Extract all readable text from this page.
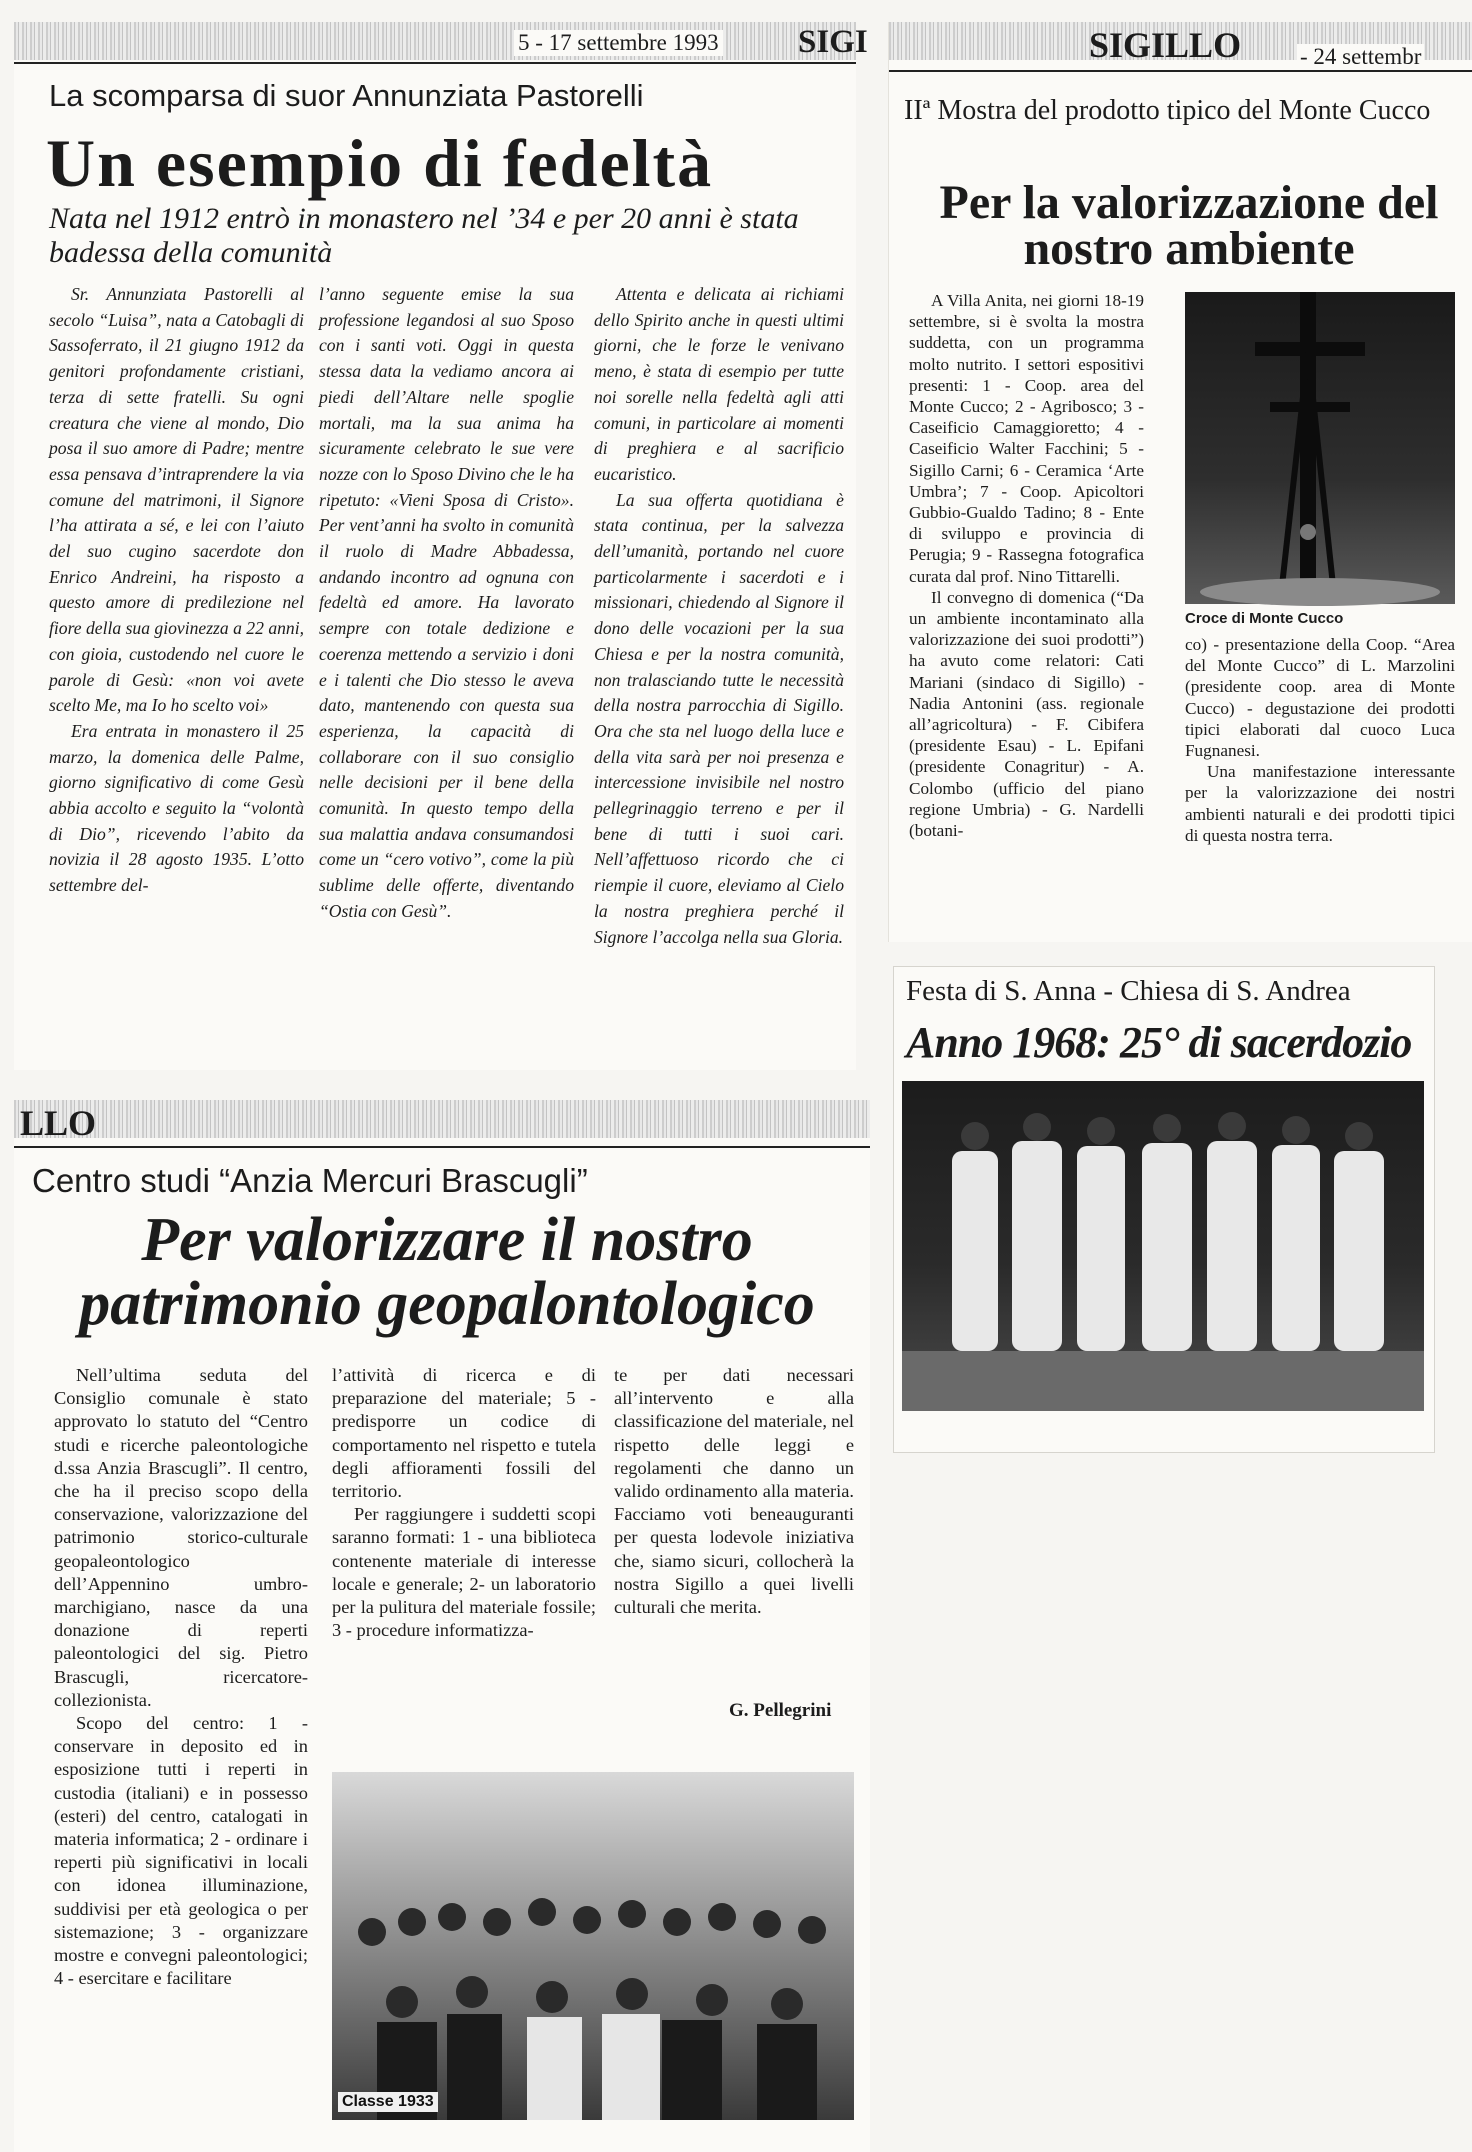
5 - 17 settembre 1993 SIGI
La scomparsa di suor Annunziata Pastorelli
Un esempio di fedeltà
Nata nel 1912 entrò in monastero nel ’34 e per 20 anni è stata badessa della comunità

Sr. Annunziata Pastorelli al secolo “Luisa”, nata a Catobagli di Sassoferrato, il 21 giugno 1912 da genitori profondamente cristiani, terza di sette fratelli. Su ogni creatura che viene al mondo, Dio posa il suo amore di Padre; mentre essa pensava d’intraprendere la via comune del matrimoni, il Signore l’ha attirata a sé, e lei con l’aiuto del suo cugino sacerdote don Enrico Andreini, ha risposto a questo amore di predilezione nel fiore della sua giovinezza a 22 anni, con gioia, custodendo nel cuore le parole di Gesù: «non voi avete scelto Me, ma Io ho scelto voi»

Era entrata in monastero il 25 marzo, la domenica delle Palme, giorno significativo di come Gesù abbia accolto e seguito la “volontà di Dio”, ricevendo l’abito da novizia il 28 agosto 1935. L’otto settembre del-

l’anno seguente emise la sua professione legandosi al suo Sposo con i santi voti. Oggi in questa stessa data la vediamo ancora ai piedi dell’Altare nelle spoglie mortali, ma la sua anima ha sicuramente celebrato le sue vere nozze con lo Sposo Divino che le ha ripetuto: «Vieni Sposa di Cristo». Per vent’anni ha svolto in comunità il ruolo di Madre Abbadessa, andando incontro ad ognuna con fedeltà ed amore. Ha lavorato sempre con totale dedizione e coerenza mettendo a servizio i doni e i talenti che Dio stesso le aveva dato, mantenendo con questa sua esperienza, la capacità di collaborare con il suo consiglio nelle decisioni per il bene della comunità. In questo tempo della sua malattia andava consumandosi come un “cero votivo”, come la più sublime delle offerte, diventando “Ostia con Gesù”.

Attenta e delicata ai richiami dello Spirito anche in questi ultimi giorni, che le forze le venivano meno, è stata di esempio per tutte noi sorelle nella fedeltà agli atti comuni, in particolare ai momenti di preghiera e al sacrificio eucaristico.

La sua offerta quotidiana è stata continua, per la salvezza dell’umanità, portando nel cuore particolarmente i sacerdoti e i missionari, chiedendo al Signore il dono delle vocazioni per la sua Chiesa e per la nostra comunità, non tralasciando tutte le necessità della nostra parrocchia di Sigillo. Ora che sta nel luogo della luce e della vita sarà per noi presenza e intercessione invisibile nel nostro pellegrinaggio terreno e per il bene di tutti i suoi cari. Nell’affettuoso ricordo che ci riempie il cuore, eleviamo al Cielo la nostra preghiera perché il Signore l’accolga nella sua Gloria.

SIGILLO	- 24 settembr
IIª Mostra del prodotto tipico del Monte Cucco
Per la valorizzazione del nostro ambiente

A Villa Anita, nei giorni 18-19 settembre, si è svolta la mostra suddetta, con un programma molto nutrito. I settori espositivi presenti: 1 - Coop. area del Monte Cucco; 2 - Agribosco; 3 - Caseificio Camaggioretto; 4 - Caseificio Walter Facchini; 5 - Sigillo Carni; 6 - Ceramica ‘Arte Umbra’; 7 - Coop. Apicoltori Gubbio-Gualdo Tadino; 8 - Ente di sviluppo e provincia di Perugia; 9 - Rassegna fotografica curata dal prof. Nino Tittarelli.

Il convegno di domenica (“Da un ambiente incontaminato alla valorizzazione dei suoi prodotti”) ha avuto come relatori: Cati Mariani (sindaco di Sigillo) - Nadia Antonini (ass. regionale all’agricoltura) - F. Cibifera (presidente Esau) - L. Epifani (presidente Conagritur) - A. Colombo (ufficio del piano regione Umbria) - G. Nardelli (botani-

Croce di Monte Cucco

co) - presentazione della Coop. “Area del Monte Cucco” di L. Marzolini (presidente coop. area di Monte Cucco) - degustazione dei prodotti tipici elaborati dal cuoco Luca Fugnanesi.

Una manifestazione interessante per la valorizzazione dei nostri ambienti naturali e dei prodotti tipici di questa nostra terra.

Festa di S. Anna - Chiesa di S. Andrea
Anno 1968: 25° di sacerdozio
LLO
Centro studi “Anzia Mercuri Brascugli”
Per valorizzare il nostro patrimonio geopalontologico

Nell’ultima seduta del Consiglio comunale è stato approvato lo statuto del “Centro studi e ricerche paleontologiche d.ssa Anzia Brascugli”. Il centro, che ha il preciso scopo della conservazione, valorizzazione del patrimonio storico-culturale geopaleontologico dell’Appennino umbro-marchigiano, nasce da una donazione di reperti paleontologici del sig. Pietro Brascugli, ricercatore-collezionista.

Scopo del centro: 1 - conservare in deposito ed in esposizione tutti i reperti in custodia (italiani) e in possesso (esteri) del centro, catalogati in materia informatica; 2 - ordinare i reperti più significativi in locali con idonea illuminazione, suddivisi per età geologica o per sistemazione; 3 - organizzare mostre e convegni paleontologici; 4 - esercitare e facilitare

l’attività di ricerca e di preparazione del materiale; 5 - predisporre un codice di comportamento nel rispetto e tutela degli affioramenti fossili del territorio.

Per raggiungere i suddetti scopi saranno formati: 1 - una biblioteca contenente materiale di interesse locale e generale; 2- un laboratorio per la pulitura del materiale fossile; 3 - procedure informatizza-

te per dati necessari all’intervento e alla classificazione del materiale, nel rispetto delle leggi e regolamenti che danno un valido ordinamento alla materia. Facciamo voti beneauguranti per questa lodevole iniziativa che, siamo sicuri, collocherà la nostra Sigillo a quei livelli culturali che merita.

G. Pellegrini
Classe 1933
